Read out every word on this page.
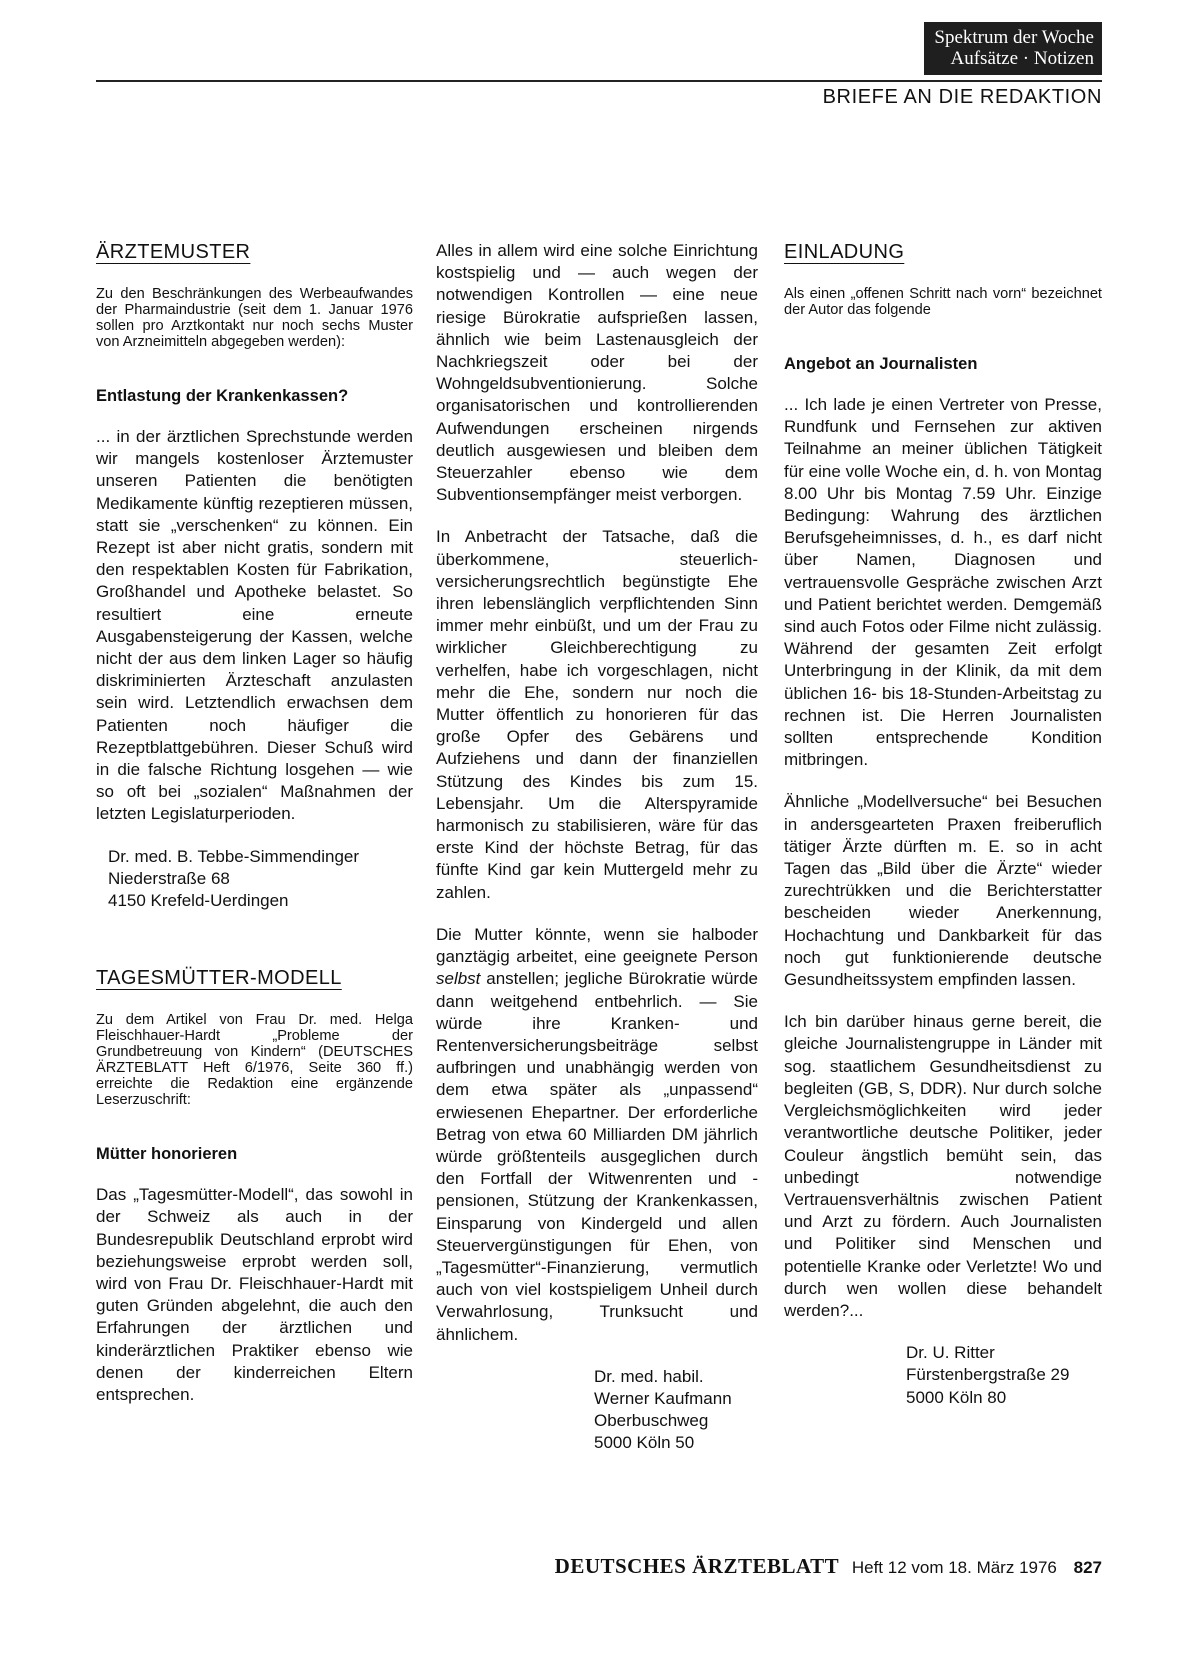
Spektrum der Woche
Aufsätze · Notizen
BRIEFE AN DIE REDAKTION
ÄRZTEMUSTER

Zu den Beschränkungen des Werbeaufwandes der Pharmaindustrie (seit dem 1. Januar 1976 sollen pro Arztkontakt nur noch sechs Muster von Arzneimitteln abgegeben werden):

Entlastung der Krankenkassen?

... in der ärztlichen Sprechstunde werden wir mangels kostenloser Ärztemuster unseren Patienten die benötigten Medikamente künftig rezeptieren müssen, statt sie „verschenken“ zu können. Ein Rezept ist aber nicht gratis, sondern mit den respektablen Kosten für Fabrikation, Großhandel und Apotheke belastet. So resultiert eine erneute Ausgabensteigerung der Kassen, welche nicht der aus dem linken Lager so häufig diskriminierten Ärzteschaft anzulasten sein wird. Letztendlich erwachsen dem Patienten noch häufiger die Rezeptblattgebühren. Dieser Schuß wird in die falsche Richtung losgehen — wie so oft bei „sozialen“ Maßnahmen der letzten Legislaturperioden.

Dr. med. B. Tebbe-Simmendinger
Niederstraße 68
4150 Krefeld-Uerdingen
TAGESMÜTTER-MODELL

Zu dem Artikel von Frau Dr. med. Helga Fleischhauer-Hardt „Probleme der Grundbetreuung von Kindern“ (DEUTSCHES ÄRZTEBLATT Heft 6/1976, Seite 360 ff.) erreichte die Redaktion eine ergänzende Leserzuschrift:

Mütter honorieren

Das „Tagesmütter-Modell“, das sowohl in der Schweiz als auch in der Bundesrepublik Deutschland erprobt wird beziehungsweise erprobt werden soll, wird von Frau Dr. Fleischhauer-Hardt mit guten Gründen abgelehnt, die auch den Erfahrungen der ärztlichen und kinderärztlichen Praktiker ebenso wie denen der kinderreichen Eltern entsprechen.

Alles in allem wird eine solche Einrichtung kostspielig und — auch wegen der notwendigen Kontrollen — eine neue riesige Bürokratie aufsprießen lassen, ähnlich wie beim Lastenausgleich der Nachkriegszeit oder bei der Wohngeldsubventionierung. Solche organisatorischen und kontrollierenden Aufwendungen erscheinen nirgends deutlich ausgewiesen und bleiben dem Steuerzahler ebenso wie dem Subventionsempfänger meist verborgen.

In Anbetracht der Tatsache, daß die überkommene, steuerlich-versicherungsrechtlich begünstigte Ehe ihren lebenslänglich verpflichtenden Sinn immer mehr einbüßt, und um der Frau zu wirklicher Gleichberechtigung zu verhelfen, habe ich vorgeschlagen, nicht mehr die Ehe, sondern nur noch die Mutter öffentlich zu honorieren für das große Opfer des Gebärens und Aufziehens und dann der finanziellen Stützung des Kindes bis zum 15. Lebensjahr. Um die Alterspyramide harmonisch zu stabilisieren, wäre für das erste Kind der höchste Betrag, für das fünfte Kind gar kein Muttergeld mehr zu zahlen.

Die Mutter könnte, wenn sie halboder ganztägig arbeitet, eine geeignete Person selbst anstellen; jegliche Bürokratie würde dann weitgehend entbehrlich. — Sie würde ihre Kranken- und Rentenversicherungsbeiträge selbst aufbringen und unabhängig werden von dem etwa später als „unpassend“ erwiesenen Ehepartner. Der erforderliche Betrag von etwa 60 Milliarden DM jährlich würde größtenteils ausgeglichen durch den Fortfall der Witwenrenten und -pensionen, Stützung der Krankenkassen, Einsparung von Kindergeld und allen Steuervergünstigungen für Ehen, von „Tagesmütter“-Finanzierung, vermutlich auch von viel kostspieligem Unheil durch Verwahrlosung, Trunksucht und ähnlichem.

Dr. med. habil.
Werner Kaufmann
Oberbuschweg
5000 Köln 50
EINLADUNG

Als einen „offenen Schritt nach vorn“ bezeichnet der Autor das folgende

Angebot an Journalisten

... Ich lade je einen Vertreter von Presse, Rundfunk und Fernsehen zur aktiven Teilnahme an meiner üblichen Tätigkeit für eine volle Woche ein, d. h. von Montag 8.00 Uhr bis Montag 7.59 Uhr. Einzige Bedingung: Wahrung des ärztlichen Berufsgeheimnisses, d. h., es darf nicht über Namen, Diagnosen und vertrauensvolle Gespräche zwischen Arzt und Patient berichtet werden. Demgemäß sind auch Fotos oder Filme nicht zulässig. Während der gesamten Zeit erfolgt Unterbringung in der Klinik, da mit dem üblichen 16- bis 18-Stunden-Arbeitstag zu rechnen ist. Die Herren Journalisten sollten entsprechende Kondition mitbringen.

Ähnliche „Modellversuche“ bei Besuchen in andersgearteten Praxen freiberuflich tätiger Ärzte dürften m. E. so in acht Tagen das „Bild über die Ärzte“ wieder zurechtrükken und die Berichterstatter bescheiden wieder Anerkennung, Hochachtung und Dankbarkeit für das noch gut funktionierende deutsche Gesundheitssystem empfinden lassen.

Ich bin darüber hinaus gerne bereit, die gleiche Journalistengruppe in Länder mit sog. staatlichem Gesundheitsdienst zu begleiten (GB, S, DDR). Nur durch solche Vergleichsmöglichkeiten wird jeder verantwortliche deutsche Politiker, jeder Couleur ängstlich bemüht sein, das unbedingt notwendige Vertrauensverhältnis zwischen Patient und Arzt zu fördern. Auch Journalisten und Politiker sind Menschen und potentielle Kranke oder Verletzte! Wo und durch wen wollen diese behandelt werden?...

Dr. U. Ritter
Fürstenbergstraße 29
5000 Köln 80
DEUTSCHES ÄRZTEBLATT Heft 12 vom 18. März 1976 827
